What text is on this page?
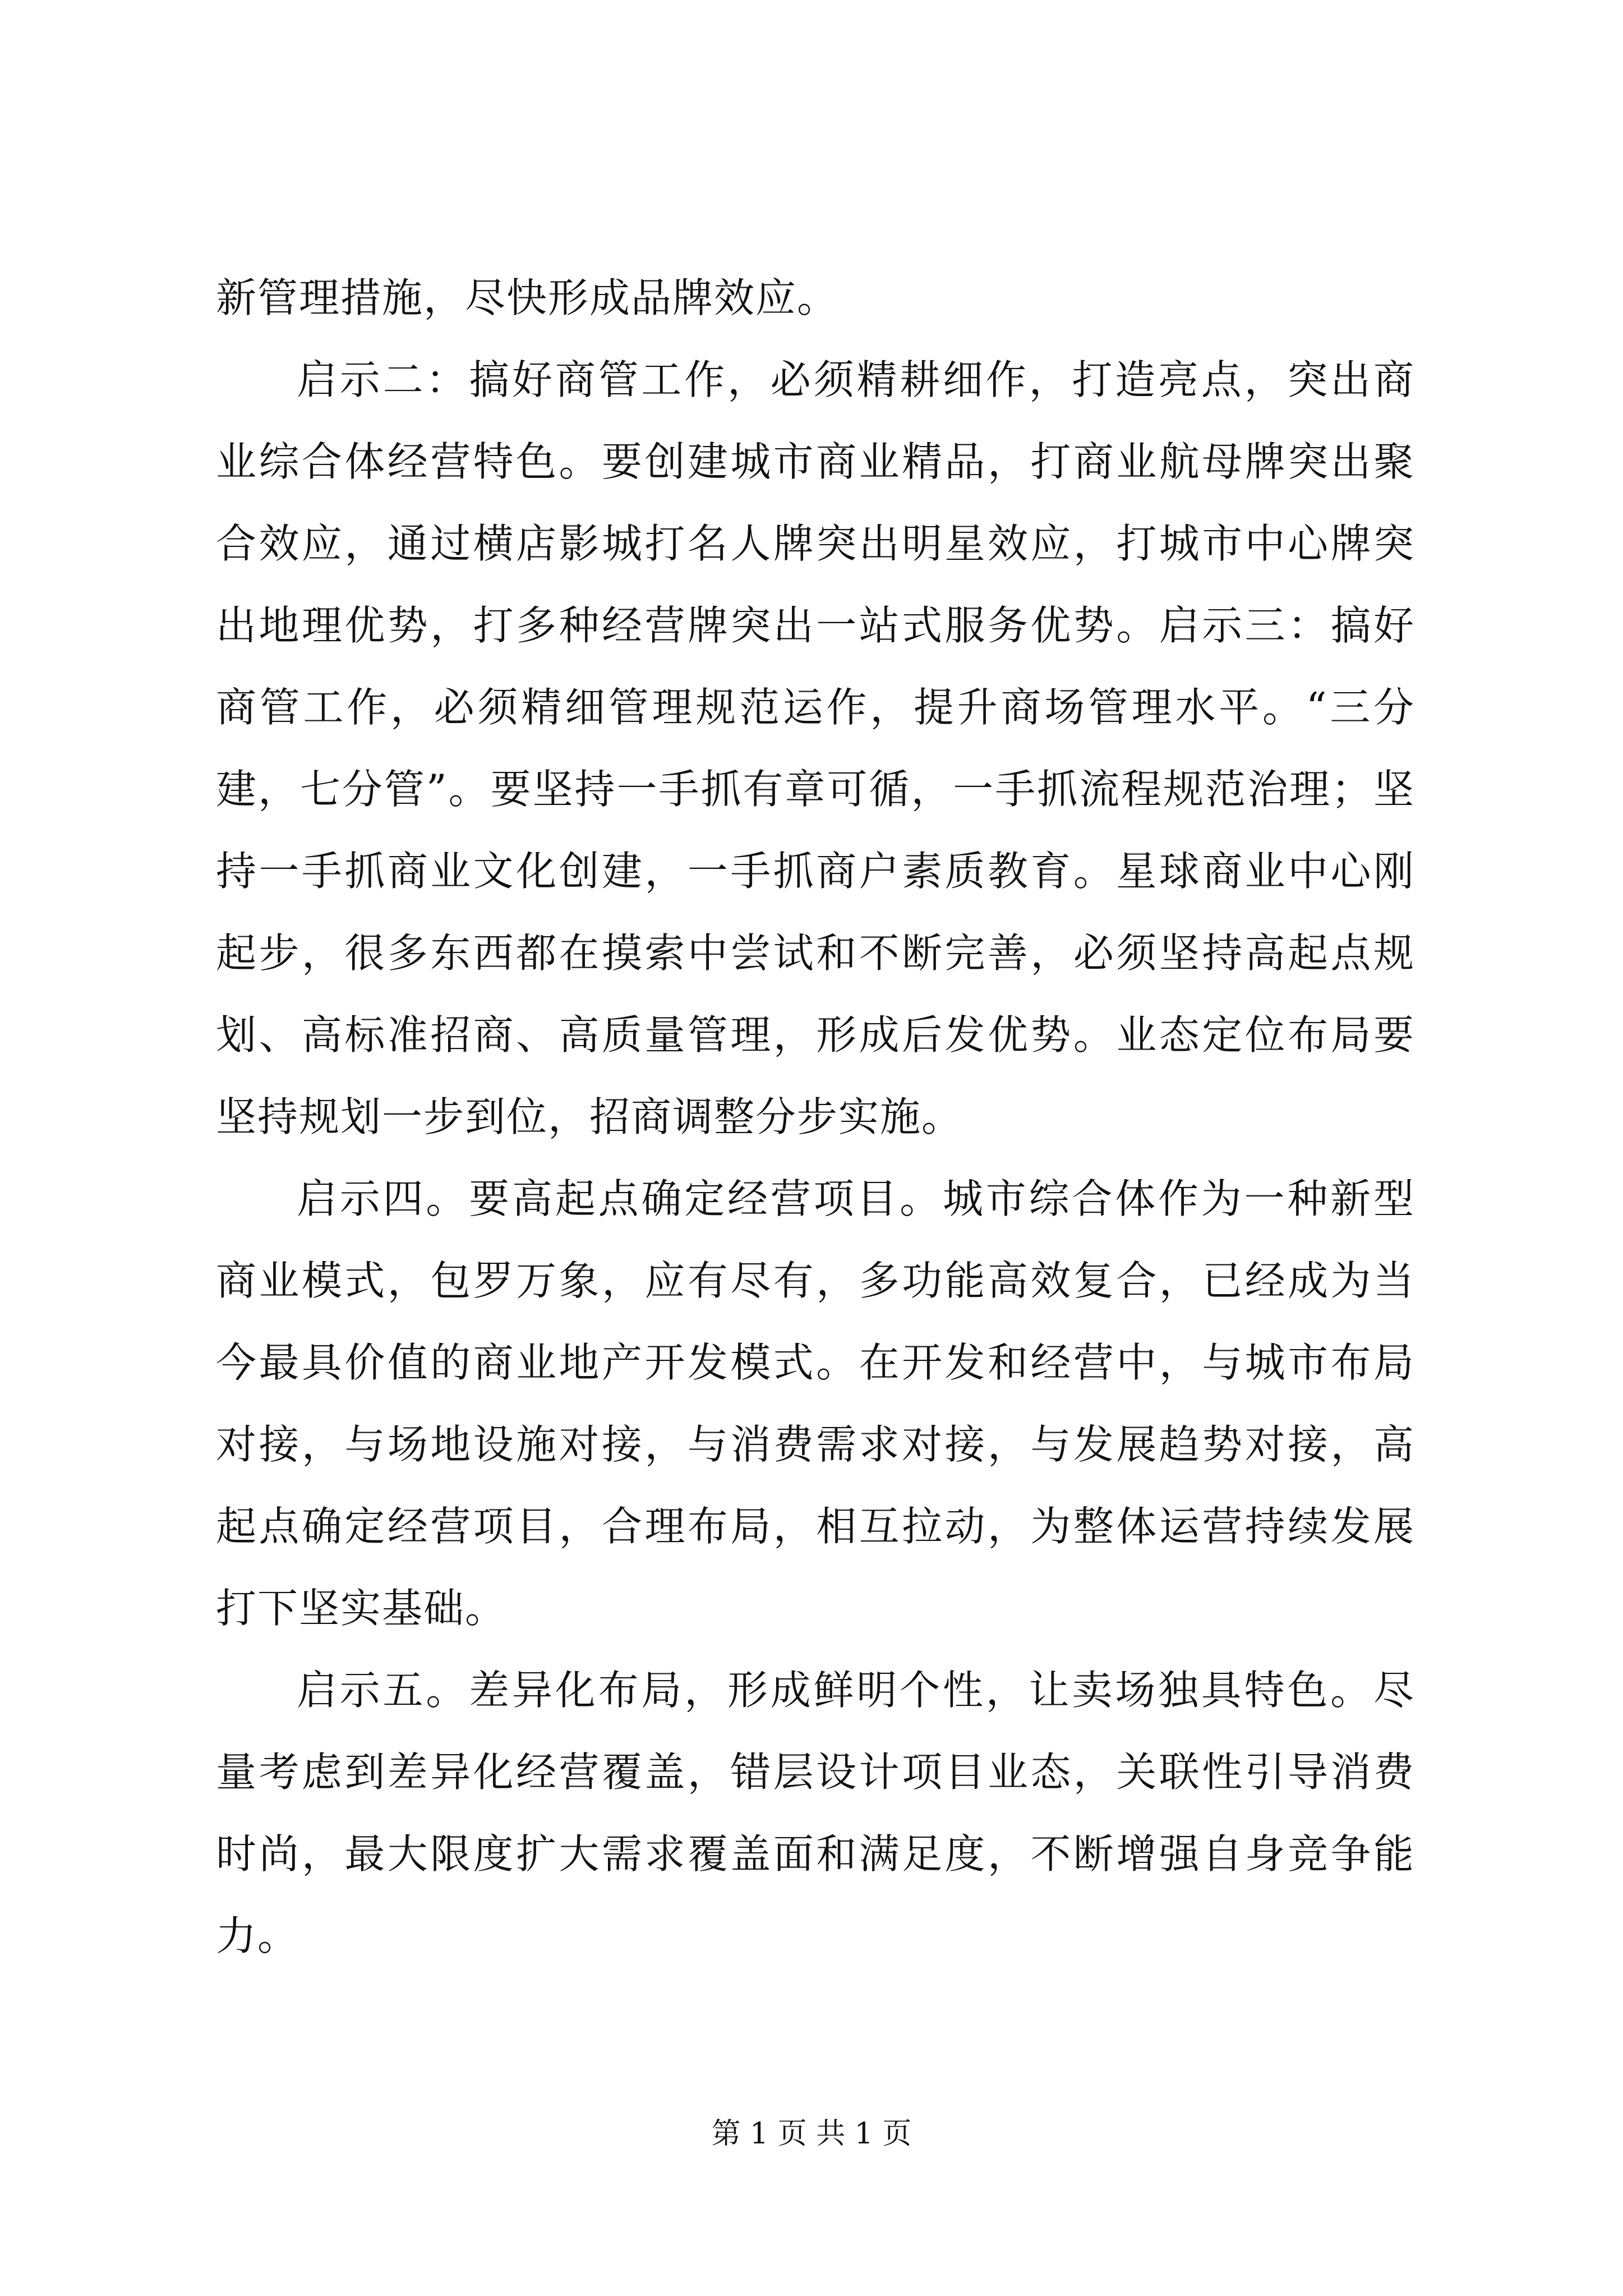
新管理措施，尽快形成品牌效应。

启示二：搞好商管工作，必须精耕细作，打造亮点，突出商业综合体经营特色。要创建城市商业精品，打商业航母牌突出聚合效应，通过横店影城打名人牌突出明星效应，打城市中心牌突出地理优势，打多种经营牌突出一站式服务优势。启示三：搞好商管工作，必须精细管理规范运作，提升商场管理水平。“三分建，七分管”。要坚持一手抓有章可循，一手抓流程规范治理；坚持一手抓商业文化创建，一手抓商户素质教育。星球商业中心刚起步，很多东西都在摸索中尝试和不断完善，必须坚持高起点规划、高标准招商、高质量管理，形成后发优势。业态定位布局要坚持规划一步到位，招商调整分步实施。

启示四。要高起点确定经营项目。城市综合体作为一种新型商业模式，包罗万象，应有尽有，多功能高效复合，已经成为当今最具价值的商业地产开发模式。在开发和经营中，与城市布局对接，与场地设施对接，与消费需求对接，与发展趋势对接，高起点确定经营项目，合理布局，相互拉动，为整体运营持续发展打下坚实基础。

启示五。差异化布局，形成鲜明个性，让卖场独具特色。尽量考虑到差异化经营覆盖，错层设计项目业态，关联性引导消费时尚，最大限度扩大需求覆盖面和满足度，不断增强自身竞争能力。

第 1 页 共 1 页
